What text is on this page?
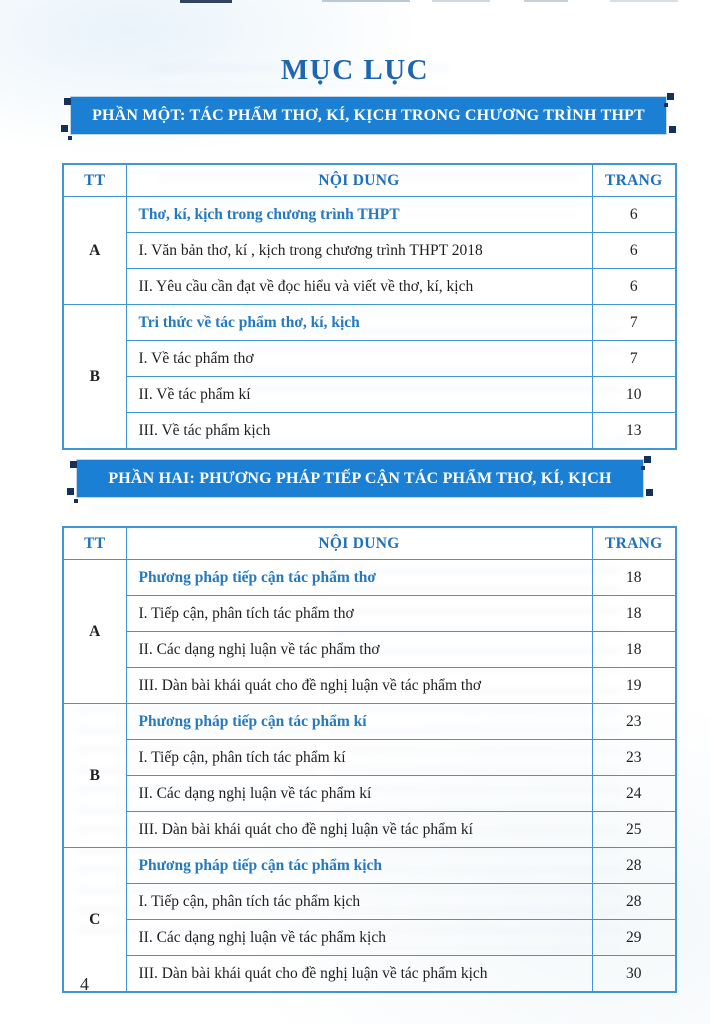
MỤC LỤC
PHẦN MỘT: TÁC PHẨM THƠ, KÍ, KỊCH TRONG CHƯƠNG TRÌNH THPT
TT	NỘI DUNG	TRANG
A	Thơ, kí, kịch trong chương trình THPT	6
	I. Văn bản thơ, kí , kịch trong chương trình THPT 2018	6
	II. Yêu cầu cần đạt về đọc hiểu và viết về thơ, kí, kịch	6
B	Tri thức về tác phẩm thơ, kí, kịch	7
	I. Về tác phẩm thơ	7
	II. Về tác phẩm kí	10
	III. Về tác phẩm kịch	13
PHẦN HAI: PHƯƠNG PHÁP TIẾP CẬN TÁC PHẨM THƠ, KÍ, KỊCH
TT	NỘI DUNG	TRANG
A	Phương pháp tiếp cận tác phẩm thơ	18
	I. Tiếp cận, phân tích tác phẩm thơ	18
	II. Các dạng nghị luận về tác phẩm thơ	18
	III. Dàn bài khái quát cho đề nghị luận về tác phẩm thơ	19
B	Phương pháp tiếp cận tác phẩm kí	23
	I. Tiếp cận, phân tích tác phẩm kí	23
	II. Các dạng nghị luận về tác phẩm kí	24
	III. Dàn bài khái quát cho đề nghị luận về tác phẩm kí	25
C	Phương pháp tiếp cận tác phẩm kịch	28
	I. Tiếp cận, phân tích tác phẩm kịch	28
	II. Các dạng nghị luận về tác phẩm kịch	29
	III. Dàn bài khái quát cho đề nghị luận về tác phẩm kịch	30
4
